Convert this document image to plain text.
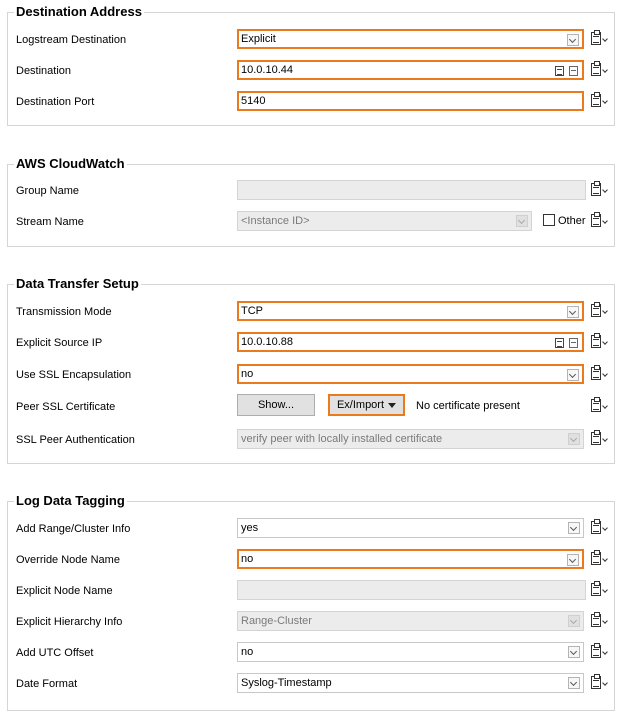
Destination Address
Logstream Destination	Explicit
Destination	10.0.10.44
Destination Port	5140
AWS CloudWatch
Group Name
Stream Name	<Instance ID>	Other
Data Transfer Setup
Transmission Mode	TCP
Explicit Source IP	10.0.10.88
Use SSL Encapsulation	no
Peer SSL Certificate	Show...	Ex/Import	No certificate present
SSL Peer Authentication	verify peer with locally installed certificate
Log Data Tagging
Add Range/Cluster Info	yes
Override Node Name	no
Explicit Node Name
Explicit Hierarchy Info	Range-Cluster
Add UTC Offset	no
Date Format	Syslog-Timestamp
